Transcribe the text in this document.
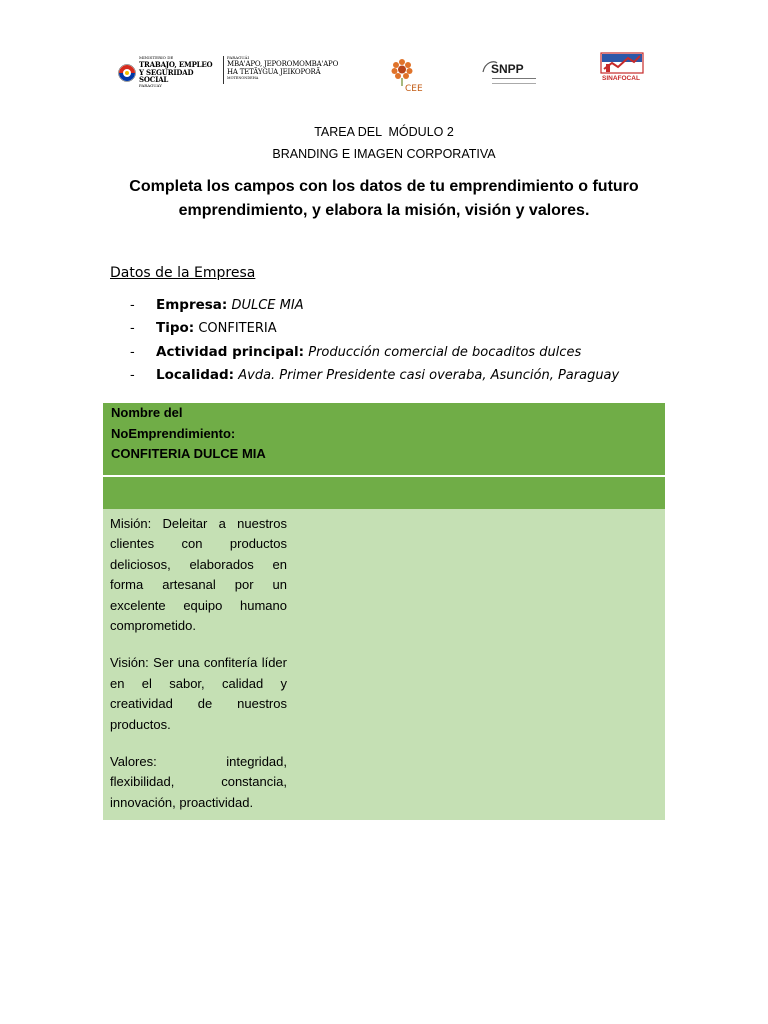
MINISTERIO DE
TRABAJO, EMPLEO
Y SEGURIDAD SOCIAL
PARAGUAY
PARAGUÁI
MBA'APO, JEPOROMOMBA'APO
HA TETÃYGUA JEIKOPORÃ
MOTENONDEHA
CEE
SNPP
SINAFOCAL
TAREA DEL  MÓDULO 2
BRANDING E IMAGEN CORPORATIVA
Completa los campos con los datos de tu emprendimiento o futuro emprendimiento, y elabora la misión, visión y valores.
Datos de la Empresa
- Empresa: DULCE MIA
- Tipo: CONFITERIA
- Actividad principal: Producción comercial de bocaditos dulces
- Localidad: Avda. Primer Presidente casi overaba, Asunción, Paraguay
Nombre del
NoEmprendimiento:
CONFITERIA DULCE MIA

Misión: Deleitar a nuestros clientes con productos deliciosos, elaborados en forma artesanal por un excelente equipo humano comprometido.

Visión: Ser una confitería líder en el sabor, calidad y creatividad de nuestros productos.

Valores: integridad, flexibilidad, constancia, innovación, proactividad.
